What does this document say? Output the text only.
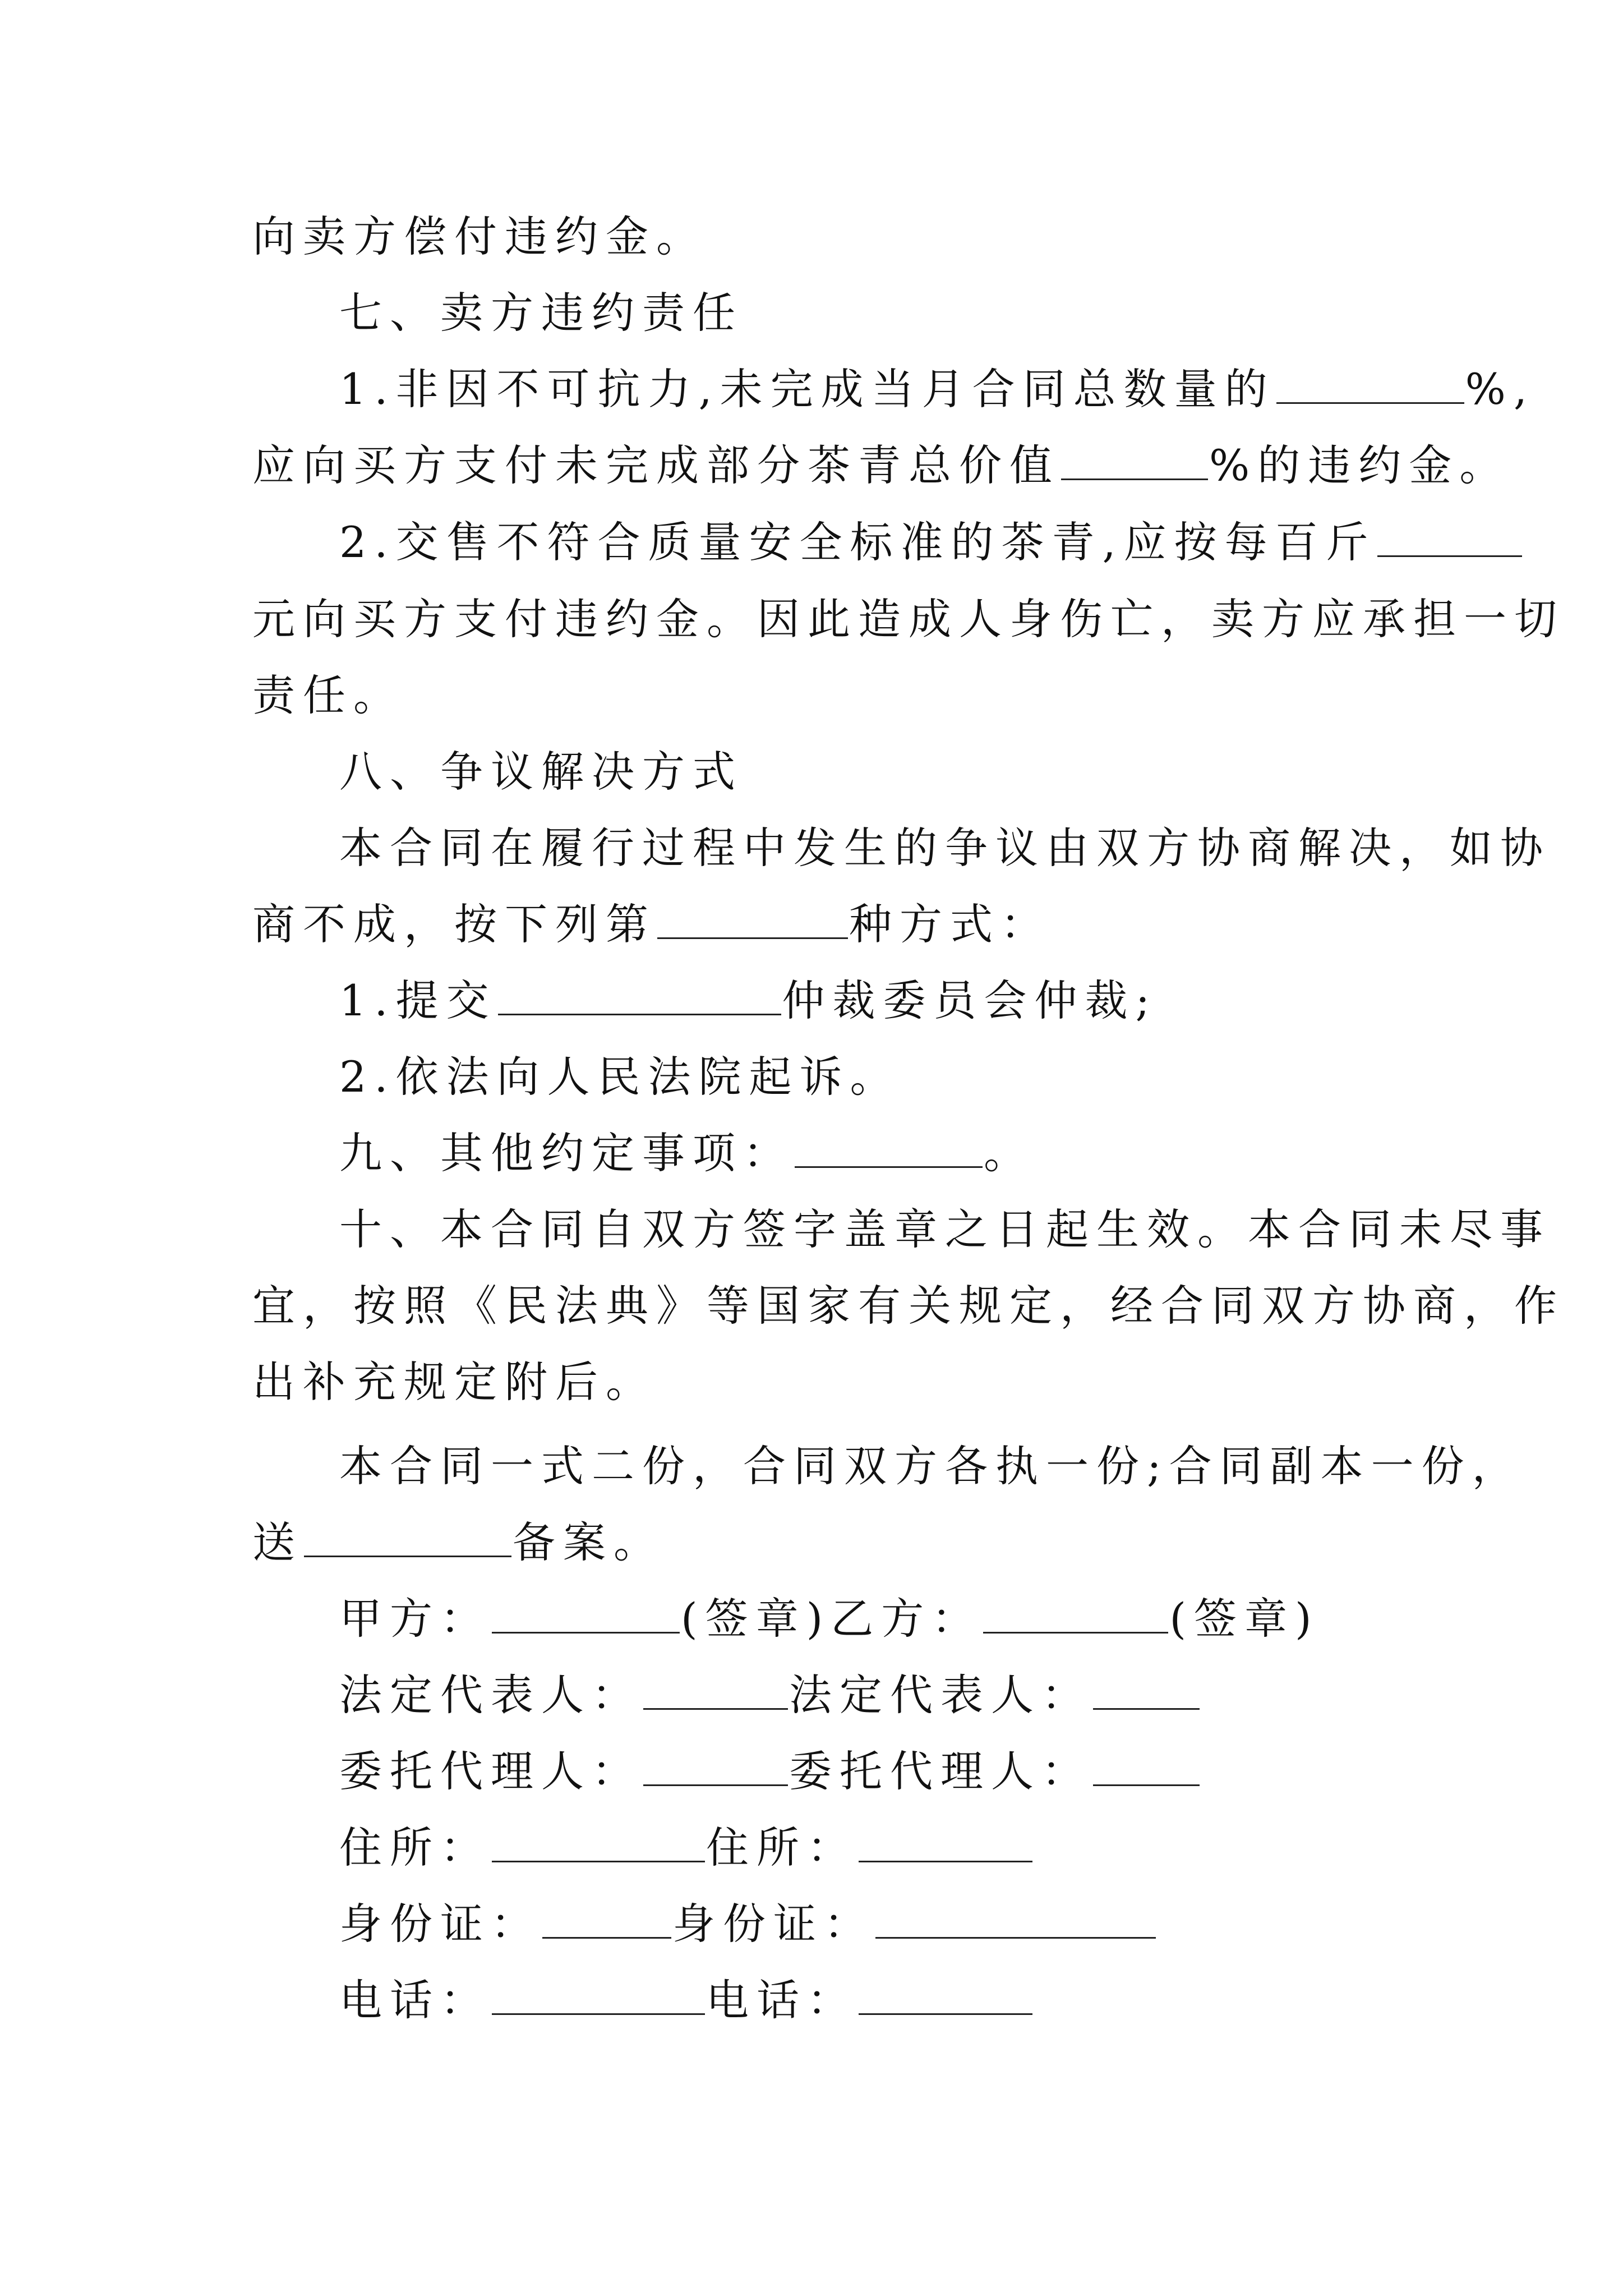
向卖方偿付违约金。
七、卖方违约责任
1.非因不可抗力,未完成当月合同总数量的	%,
应向买方支付未完成部分茶青总价值	%的违约金。
2.交售不符合质量安全标准的茶青,应按每百斤
元向买方支付违约金。因此造成人身伤亡，卖方应承担一切
责任。
八、争议解决方式
本合同在履行过程中发生的争议由双方协商解决，如协
商不成，按下列第	种方式：
1.提交	仲裁委员会仲裁;
2.依法向人民法院起诉。
九、其他约定事项：	。
十、本合同自双方签字盖章之日起生效。本合同未尽事
宜，按照《民法典》等国家有关规定，经合同双方协商，作
出补充规定附后。
本合同一式二份，合同双方各执一份;合同副本一份，
送	备案。
甲方：	(签章)乙方：	(签章)
法定代表人：	法定代表人：
委托代理人：	委托代理人：
住所：	住所：
身份证：	身份证：
电话：	电话：
